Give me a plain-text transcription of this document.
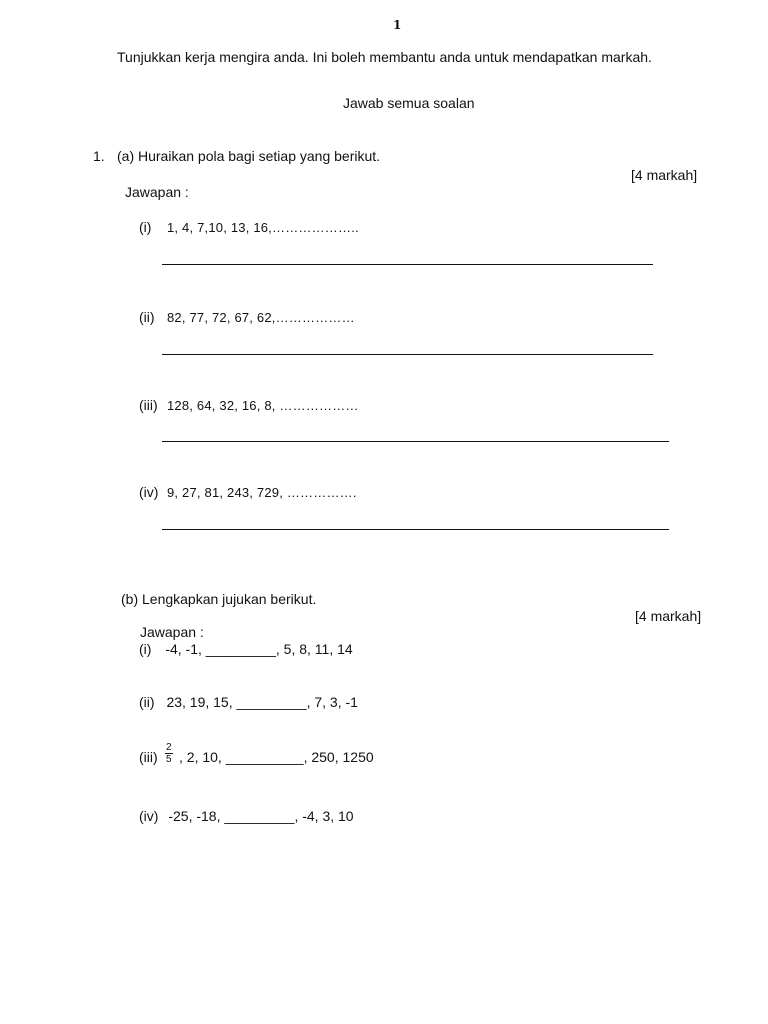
1
Tunjukkan kerja mengira anda. Ini boleh membantu anda untuk mendapatkan markah.
Jawab semua soalan
1. (a) Huraikan pola bagi setiap yang berikut.
[4 markah]
Jawapan :
(i) 1, 4, 7,10, 13, 16,………………..
(ii) 82, 77, 72, 67, 62,………………
(iii) 128, 64, 32, 16, 8, ………………
(iv) 9, 27, 81, 243, 729, …………….
(b) Lengkapkan jujukan berikut.
[4 markah]
Jawapan :
(i) -4, -1, _________, 5, 8, 11, 14
(ii) 23, 19, 15, _________, 7, 3, -1
$(iii) \frac{2}{5}$ , 2, 10, __________, 250, 1250
(iv) -25, -18, _________, -4, 3, 10
